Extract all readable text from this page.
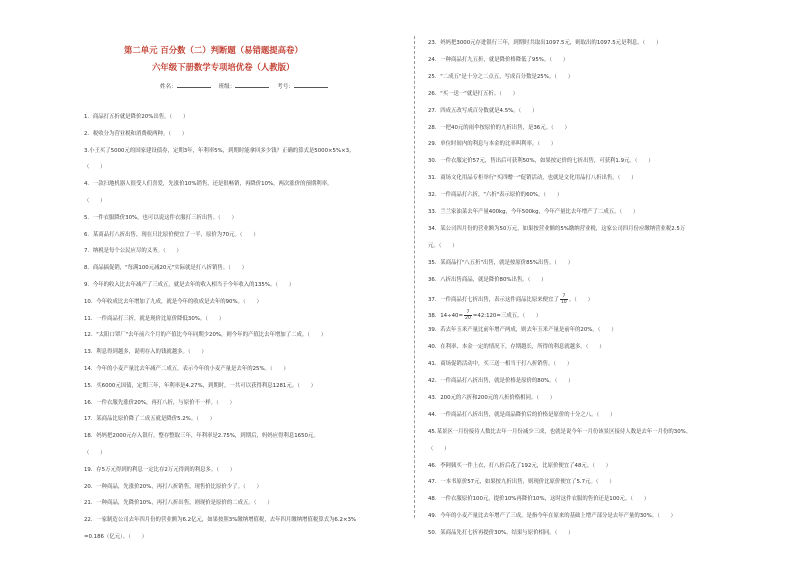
第二单元 百分数（二）判断题（易错题提高卷）
六年级下册数学专项培优卷（人教版）
姓名：	班级：	考号：
1．商品打五折就是降价20%出售。（　　）
2．税收分为营业税和消费税两种。（　　）
3.小王买了5000元的国家建设债券，定期3年，年利率5%，到期时能拿回多少钱？正确的算式是5000×5%×3。
（　　）
4．一款扫地机器人很受人们喜爱，先涨价10%销售，还是很畅销，再降价10%，两次涨价的预期利率。
（　　）
5．一件衣服降价30%，也可以说这件衣服打三折出售。（　　）
6．某商品打八折出售，现在只比原价便宜了一半，原价为70元。（　　）
7．纳税是每个公民应尽的义务。（　　）
8．商品搞促销，"每满100元减20元"实际就是打八折销售。（　　）
9．今年的收入比去年减产了三成五，就是去年的收入相当于今年收入的135%。（　　）
10．今年收成比去年增加了九成，就是今年的收成是去年的90%。（　　）
11．一件商品打三折，就是现价比原价降低30%。（　　）
12．"太阳口罩厂"去年前六个月的产值比今年同期少20%，则今年的产值比去年增加了二成。（　　）
13．利息得到越多，说明存入的钱就越多。（　　）
14．今年的小麦产量比去年减产二成五，表示今年的小麦产量是去年的25%。（　　）
15．买6000元国债，定期三年，年利率是4.27%，到期时，一共可以获得利息1281元。（　　）
16．一件衣服先涨价20%，再打八折，与原价不一样。（　　）
17．某商品比原价降了二成五就是降价5.2%。（　　）
18．妈妈把2000元存入银行，整存整取三年，年利率是2.75%，到期后，妈妈应得利息1650元。
（　　）
19．存5万元得到的利息一定比存2万元得到的利息多。（　　）
20．一种商品，先涨价20%，再打八折销售，现售价比原价少了。（　　）
21．一种商品，先降价10%，再打八折出售，则现价是原价的二成五。（　　）
22．一家制造公司去年四月份的营业额为6.2亿元，如果按照3%缴纳增值税，去年四月缴纳增值税算式为6.2×3%
=0.186（亿元）。（　　）
23．妈妈把3000元存进银行三年，到期时共取出1097.5元，则取出的1097.5元是利息。（　　）
24．一种商品打九五折，就是降价格降低了95%。（　　）
25．"二成五"是十分之二点五，写成百分数是25%。（　　）
26．"买一送一"就是打五折。（　　）
27．四成五改写成百分数就是4.5%。（　　）
28．一把40元的雨伞按原价的九折出售，是36元。（　　）
29．单位时间内的利息与本金的比率叫利率。（　　）
30．一件衣服定价57元，售出后可获利50%，如果按定价的七折出售，可获利1.9元。（　　）
31．商场文化用品专柜举行"买四赠一"促销活动，也就是文化用品打八折出售。（　　）
32．一件商品打六折，"六折"表示原价的60%。（　　）
33．兰兰家油菜去年产量400kg，今年500kg，今年产量比去年增产了二成五。（　　）
34．某公司四月份的营业额为50万元，如果按营业额的5%缴纳营业税，这家公司四月份应缴纳营业税2.5万
元。（　　）
35．某商品打"八五折"出售，就是按原价85%出售。（　　）
36．八折出售商品，就是降价80%出售。（　　）
37．一件商品打七折出售，表示这件商品比原来便宜了 $\frac{7}{10}$ 。（　　）
38．$14\div 40= \frac{7}{20}$ =42:120=三成五。（　　）
39．若去年玉米产量比前年增产两成，则去年玉米产量是前年的20%。（　　）
40．在利率、本金一定的情况下，存期越长，所得的利息就越多。（　　）
41．商场促销活动中，买三送一相当于打八折销售。（　　）
42．一件商品打八折出售，就是价格是原价的80%。（　　）
43．200元的六折和200元的八折价格相同。（　　）
44．一件商品打八折出售，就是商品降价后的价格是原价的十分之八。（　　）
45.某景区一月份接待人数比去年一月份减少三成，也就是说今年一月份该景区接待人数是去年一月份的30%。
（　　）
46．李阿姨买一件上衣，打八折后花了192元，比原价便宜了48元。（　　）
47．一本书原价57元，如果按九折出售，则现价比原价便宜了5.7元。（　　）
48．一件衣服原价100元，提价10%再降价10%，这时这件衣服的售价还是100元。（　　）
49．今年的小麦产量比去年增产了三成，是指今年在原来的基础上增产部分是去年产量的30%。（　　）
50．某商品先打七折再提价30%，结果与原价相同。（　　）
